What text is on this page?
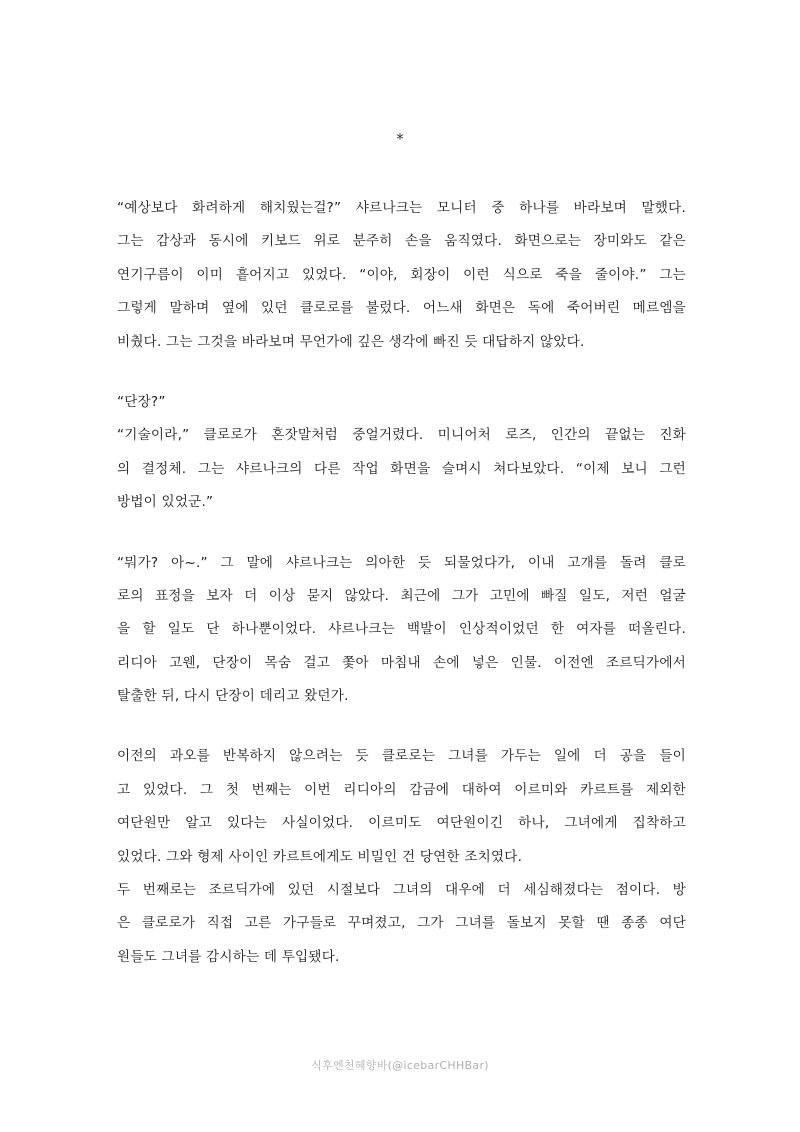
*
“예상보다 화려하게 해치웠는걸?” 샤르나크는 모니터 중 하나를 바라보며 말했다.
그는 감상과 동시에 키보드 위로 분주히 손을 움직였다. 화면으로는 장미와도 같은
연기구름이 이미 흩어지고 있었다. “이야, 회장이 이런 식으로 죽을 줄이야.” 그는
그렇게 말하며 옆에 있던 클로로를 불렀다. 어느새 화면은 독에 죽어버린 메르엠을
비췄다. 그는 그것을 바라보며 무언가에 깊은 생각에 빠진 듯 대답하지 않았다.
“단장?”
“기술이라,” 클로로가 혼잣말처럼 중얼거렸다. 미니어처 로즈, 인간의 끝없는 진화
의 결정체. 그는 샤르나크의 다른 작업 화면을 슬며시 쳐다보았다. “이제 보니 그런
방법이 있었군.”
“뭐가? 아~.” 그 말에 샤르나크는 의아한 듯 되물었다가, 이내 고개를 돌려 클로
로의 표정을 보자 더 이상 묻지 않았다. 최근에 그가 고민에 빠질 일도, 저런 얼굴
을 할 일도 단 하나뿐이었다. 샤르나크는 백발이 인상적이었던 한 여자를 떠올린다.
리디아 고웬, 단장이 목숨 걸고 쫓아 마침내 손에 넣은 인물. 이전엔 조르딕가에서
탈출한 뒤, 다시 단장이 데리고 왔던가.
이전의 과오를 반복하지 않으려는 듯 클로로는 그녀를 가두는 일에 더 공을 들이
고 있었다. 그 첫 번째는 이번 리디아의 감금에 대하여 이르미와 카르트를 제외한
여단원만 알고 있다는 사실이었다. 이르미도 여단원이긴 하나, 그녀에게 집착하고
있었다. 그와 형제 사이인 카르트에게도 비밀인 건 당연한 조치였다.
두 번째로는 조르딕가에 있던 시절보다 그녀의 대우에 더 세심해졌다는 점이다. 방
은 클로로가 직접 고른 가구들로 꾸며졌고, 그가 그녀를 돌보지 못할 땐 종종 여단
원들도 그녀를 감시하는 데 투입됐다.
식후엔천혜향바(@icebarCHHBar)
